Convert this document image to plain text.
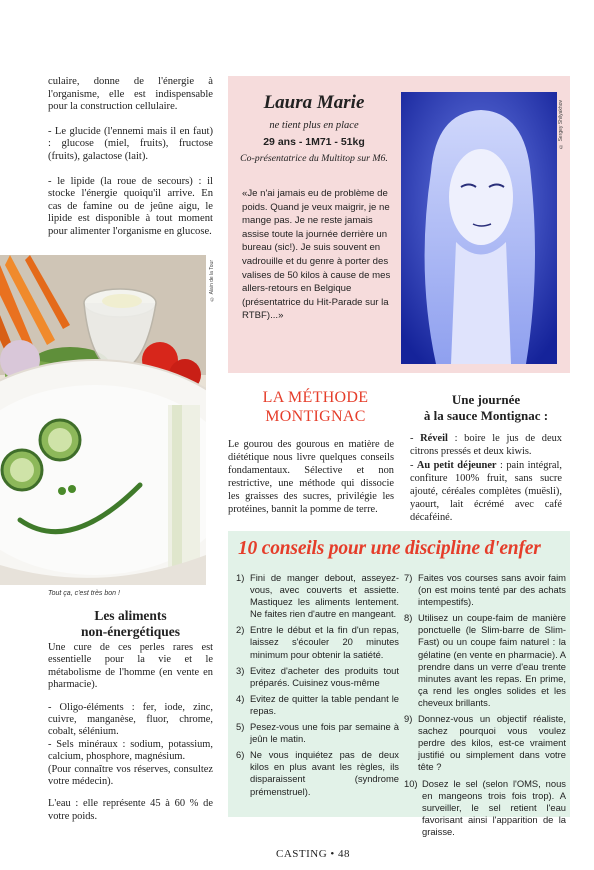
culaire, donne de l'énergie à l'organisme, elle est indispensable pour la construction cellulaire.

- Le glucide (l'ennemi mais il en faut) : glucose (miel, fruits), fructose (fruits), galactose (lait).

- le lipide (la roue de secours) : il stocke l'énergie quoiqu'il arrive. En cas de famine ou de jeûne aigu, le lipide est disponible à tout moment pour alimenter l'organisme en glucose.

© Alain de la Tour
Tout ça, c'est très bon !
Les aliments
non-énergétiques

Une cure de ces perles rares est essentielle pour la vie et le métabolisme de l'homme (en vente en pharmacie).

- Oligo-éléments : fer, iode, zinc, cuivre, manganèse, fluor, chrome, cobalt, sélénium.

- Sels minéraux : sodium, potassium, calcium, phosphore, magnésium.

(Pour connaître vos réserves, consultez votre médecin).

L'eau : elle représente 45 à 60 % de votre poids.

Laura Marie
ne tient plus en place
29 ans - 1M71 - 51kg
Co-présentatrice du Multitop sur M6.
«Je n'ai jamais eu de problème de poids. Quand je veux maigrir, je ne mange pas. Je ne reste jamais assise toute la journée derrière un bureau (sic!). Je suis souvent en vadrouille et du genre à porter des valises de 50 kilos à cause de mes allers-retours en Belgique (présentatrice du Hit-Parade sur la RTBF)...»
© Sergey Shilyakhov
LA MÉTHODE
MONTIGNAC
Le gourou des gourous en matière de diététique nous livre quelques conseils fondamentaux. Sélective et non restrictive, une méthode qui dissocie les graisses des sucres, privilégie les protéines, bannit la pomme de terre.
Une journée
à la sauce Montignac :

- Réveil : boire le jus de deux citrons pressés et deux kiwis.

- Au petit déjeuner : pain intégral, confiture 100% fruit, sans sucre ajouté, céréales complètes (muësli), yaourt, lait écrémé avec café décaféiné.

10 conseils pour une discipline d'enfer
1) Fini de manger debout, asseyez-vous, avec couverts et assiette. Mastiquez les aliments lentement. Ne faites rien d'autre en mangeant.
2) Entre le début et la fin d'un repas, laissez s'écouler 20 minutes minimum pour obtenir la satiété.
3) Evitez d'acheter des produits tout préparés. Cuisinez vous-même
4) Evitez de quitter la table pendant le repas.
5) Pesez-vous une fois par semaine à jeûn le matin.
6) Ne vous inquiétez pas de deux kilos en plus avant les règles, ils disparaissent (syndrome prémenstruel).
7) Faites vos courses sans avoir faim (on est moins tenté par des achats intempestifs).
8) Utilisez un coupe-faim de manière ponctuelle (le Slim-barre de Slim-Fast) ou un coupe faim naturel : la gélatine (en vente en pharmacie). A prendre dans un verre d'eau trente minutes avant les repas. En prime, ça rend les ongles solides et les cheveux brillants.
9) Donnez-vous un objectif réaliste, sachez pourquoi vous voulez perdre des kilos, est-ce vraiment justifié ou simplement dans votre tête ?
10) Dosez le sel (selon l'OMS, nous en mangeons trois fois trop). A surveiller, le sel retient l'eau favorisant ainsi l'apparition de la graisse.
CASTING • 48
